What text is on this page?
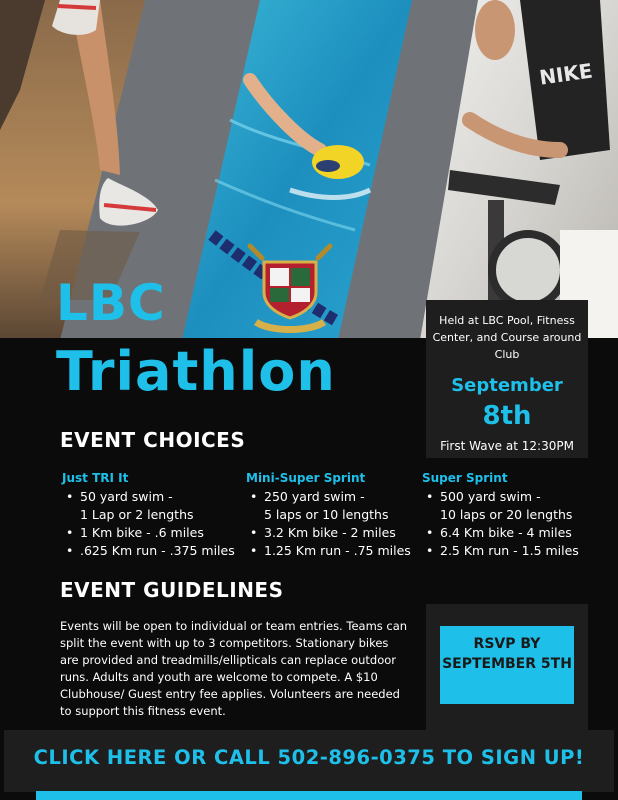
NIKE
LBC
Triathlon
Held at LBC Pool, Fitness Center, and Course around Club
September
8th
First Wave at 12:30PM
EVENT CHOICES
Just TRI It
• 50 yard swim -
1 Lap or 2 lengths
• 1 Km bike - .6 miles
• .625 Km run - .375 miles
Mini-Super Sprint
• 250 yard swim -
5 laps or 10 lengths
• 3.2 Km bike - 2 miles
• 1.25 Km run - .75 miles
Super Sprint
• 500 yard swim -
10 laps or 20 lengths
• 6.4 Km bike - 4 miles
• 2.5 Km run - 1.5 miles
EVENT GUIDELINES
Events will be open to individual or team entries. Teams can split the event with up to 3 competitors. Stationary bikes are provided and treadmills/ellipticals can replace outdoor runs. Adults and youth are welcome to compete. A $10 Clubhouse/ Guest entry fee applies. Volunteers are needed to support this fitness event.
RSVP BY SEPTEMBER 5TH
CLICK HERE OR CALL 502-896-0375 TO SIGN UP!
